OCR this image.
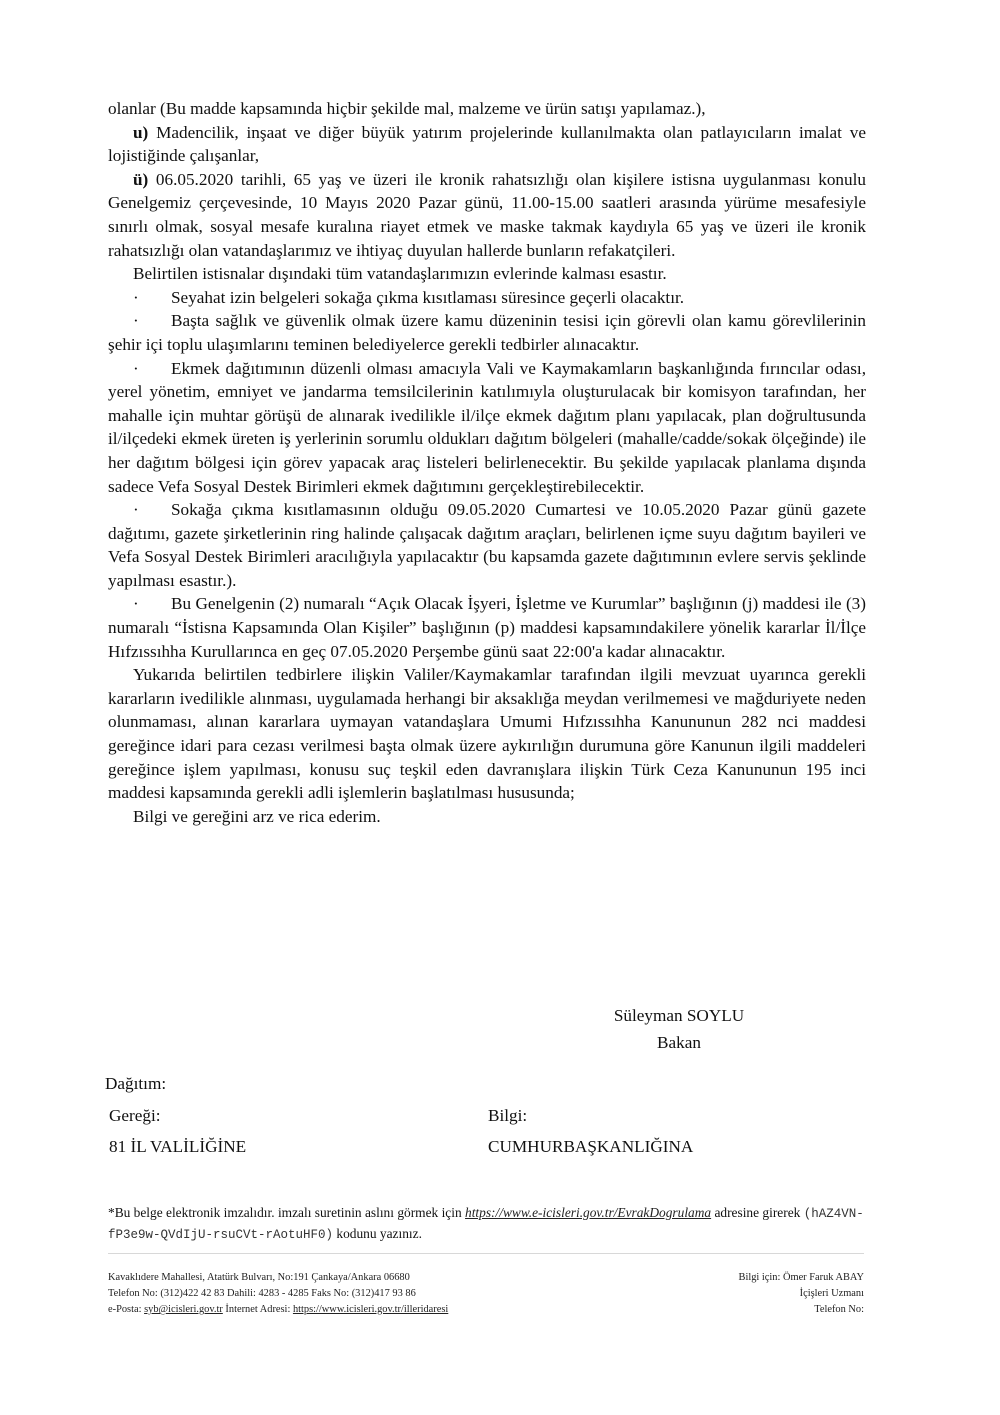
olanlar (Bu madde kapsamında hiçbir şekilde mal, malzeme ve ürün satışı yapılamaz.),

u) Madencilik, inşaat ve diğer büyük yatırım projelerinde kullanılmakta olan patlayıcıların imalat ve lojistiğinde çalışanlar,

ü) 06.05.2020 tarihli, 65 yaş ve üzeri ile kronik rahatsızlığı olan kişilere istisna uygulanması konulu Genelgemiz çerçevesinde, 10 Mayıs 2020 Pazar günü, 11.00-15.00 saatleri arasında yürüme mesafesiyle sınırlı olmak, sosyal mesafe kuralına riayet etmek ve maske takmak kaydıyla 65 yaş ve üzeri ile kronik rahatsızlığı olan vatandaşlarımız ve ihtiyaç duyulan hallerde bunların refakatçileri.

Belirtilen istisnalar dışındaki tüm vatandaşlarımızın evlerinde kalması esastır.

· Seyahat izin belgeleri sokağa çıkma kısıtlaması süresince geçerli olacaktır.

· Başta sağlık ve güvenlik olmak üzere kamu düzeninin tesisi için görevli olan kamu görevlilerinin şehir içi toplu ulaşımlarını teminen belediyelerce gerekli tedbirler alınacaktır.

· Ekmek dağıtımının düzenli olması amacıyla Vali ve Kaymakamların başkanlığında fırıncılar odası, yerel yönetim, emniyet ve jandarma temsilcilerinin katılımıyla oluşturulacak bir komisyon tarafından, her mahalle için muhtar görüşü de alınarak ivedilikle il/ilçe ekmek dağıtım planı yapılacak, plan doğrultusunda il/ilçedeki ekmek üreten iş yerlerinin sorumlu oldukları dağıtım bölgeleri (mahalle/cadde/sokak ölçeğinde) ile her dağıtım bölgesi için görev yapacak araç listeleri belirlenecektir. Bu şekilde yapılacak planlama dışında sadece Vefa Sosyal Destek Birimleri ekmek dağıtımını gerçekleştirebilecektir.

· Sokağa çıkma kısıtlamasının olduğu 09.05.2020 Cumartesi ve 10.05.2020 Pazar günü gazete dağıtımı, gazete şirketlerinin ring halinde çalışacak dağıtım araçları, belirlenen içme suyu dağıtım bayileri ve Vefa Sosyal Destek Birimleri aracılığıyla yapılacaktır (bu kapsamda gazete dağıtımının evlere servis şeklinde yapılması esastır.).

· Bu Genelgenin (2) numaralı “Açık Olacak İşyeri, İşletme ve Kurumlar” başlığının (j) maddesi ile (3) numaralı “İstisna Kapsamında Olan Kişiler” başlığının (p) maddesi kapsamındakilere yönelik kararlar İl/İlçe Hıfzıssıhha Kurullarınca en geç 07.05.2020 Perşembe günü saat 22:00'a kadar alınacaktır.

Yukarıda belirtilen tedbirlere ilişkin Valiler/Kaymakamlar tarafından ilgili mevzuat uyarınca gerekli kararların ivedilikle alınması, uygulamada herhangi bir aksaklığa meydan verilmemesi ve mağduriyete neden olunmaması, alınan kararlara uymayan vatandaşlara Umumi Hıfzıssıhha Kanununun 282 nci maddesi gereğince idari para cezası verilmesi başta olmak üzere aykırılığın durumuna göre Kanunun ilgili maddeleri gereğince işlem yapılması, konusu suç teşkil eden davranışlara ilişkin Türk Ceza Kanununun 195 inci maddesi kapsamında gerekli adli işlemlerin başlatılması hususunda;

Bilgi ve gereğini arz ve rica ederim.

Süleyman SOYLU
Bakan
Dağıtım:
Gereği:
81 İL VALİLİĞİNE
Bilgi:
CUMHURBAŞKANLIĞINA
*Bu belge elektronik imzalıdır. imzalı suretinin aslını görmek için https://www.e-icisleri.gov.tr/EvrakDogrulama adresine girerek (hAZ4VN-fP3e9w-QVdIjU-rsuCVt-rAotuHF0) kodunu yazınız.
Kavaklıdere Mahallesi, Atatürk Bulvarı, No:191 Çankaya/Ankara 06680
Telefon No: (312)422 42 83 Dahili: 4283 - 4285 Faks No: (312)417 93 86
e-Posta: syb@icisleri.gov.tr İnternet Adresi: https://www.icisleri.gov.tr/illeridaresi
Bilgi için: Ömer Faruk ABAY
İçişleri Uzmanı
Telefon No:
